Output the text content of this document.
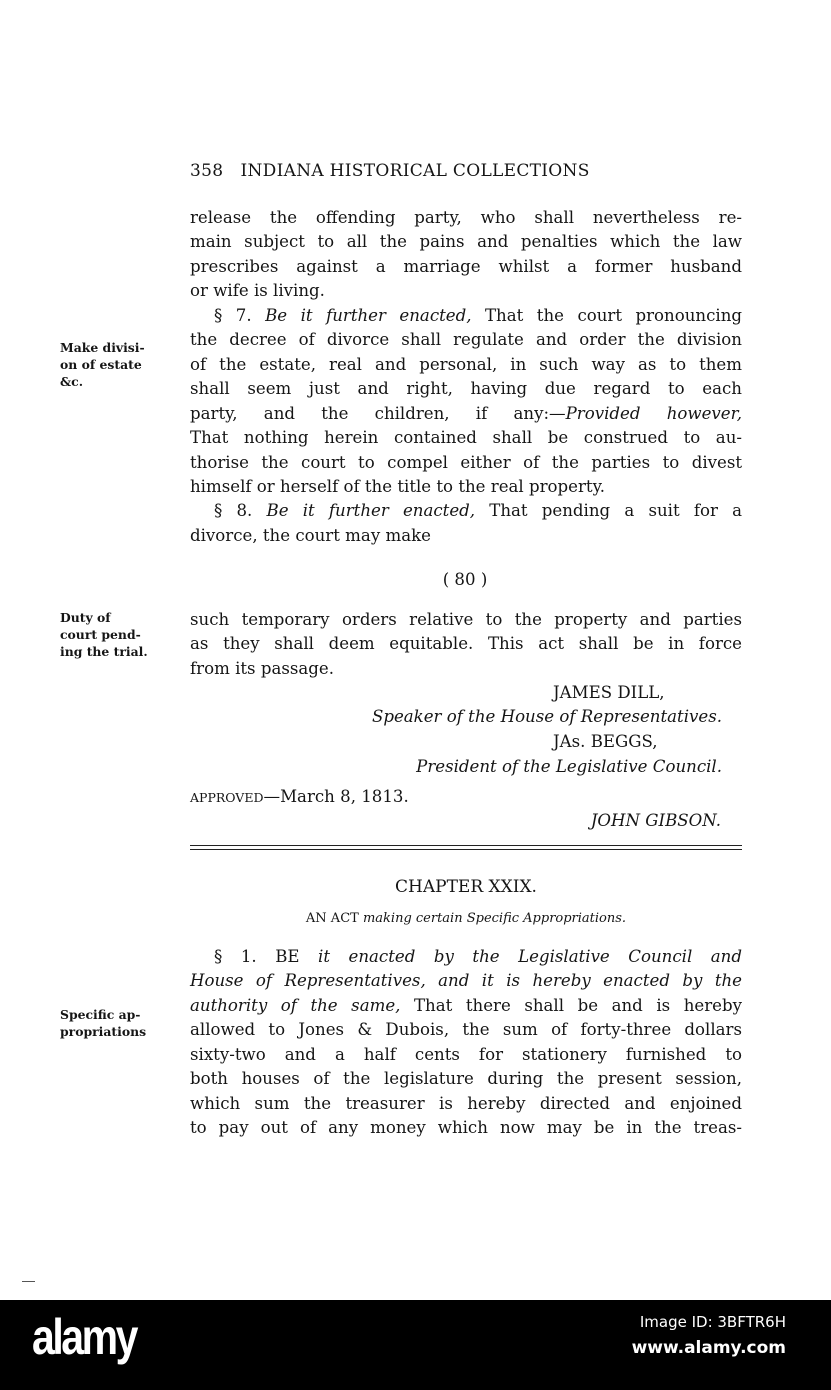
358 INDIANA HISTORICAL COLLECTIONS
release the offending party, who shall nevertheless re-
main subject to all the pains and penalties which the law
prescribes against a marriage whilst a former husband
or wife is living.
§ 7. Be it further enacted, That the court pronouncing
the decree of divorce shall regulate and order the division
of the estate, real and personal, in such way as to them
shall seem just and right, having due regard to each
party, and the children, if any:—Provided however,
That nothing herein contained shall be construed to au-
thorise the court to compel either of the parties to divest
himself or herself of the title to the real property.
§ 8. Be it further enacted, That pending a suit for a
divorce, the court may make
such temporary orders relative to the property and parties
as they shall deem equitable. This act shall be in force
from its passage.
§ 1. BE it enacted by the Legislative Council and
House of Representatives, and it is hereby enacted by the
authority of the same, That there shall be and is hereby
allowed to Jones & Dubois, the sum of forty-three dollars
sixty-two and a half cents for stationery furnished to
both houses of the legislature during the present session,
which sum the treasurer is hereby directed and enjoined
to pay out of any money which now may be in the treas-
Make divisi-
on of estate
&c.
Duty of
court pend-
ing the trial.
Specific ap-
propriations
( 80 )
JAMES DILL,
Speaker of the House of Representatives.
JAs. BEGGS,
President of the Legislative Council.
APPROVED—March 8, 1813.
JOHN GIBSON.
CHAPTER XXIX.
AN ACT making certain Specific Appropriations.
alamy	Image ID: 3BFTR6H
www.alamy.com
